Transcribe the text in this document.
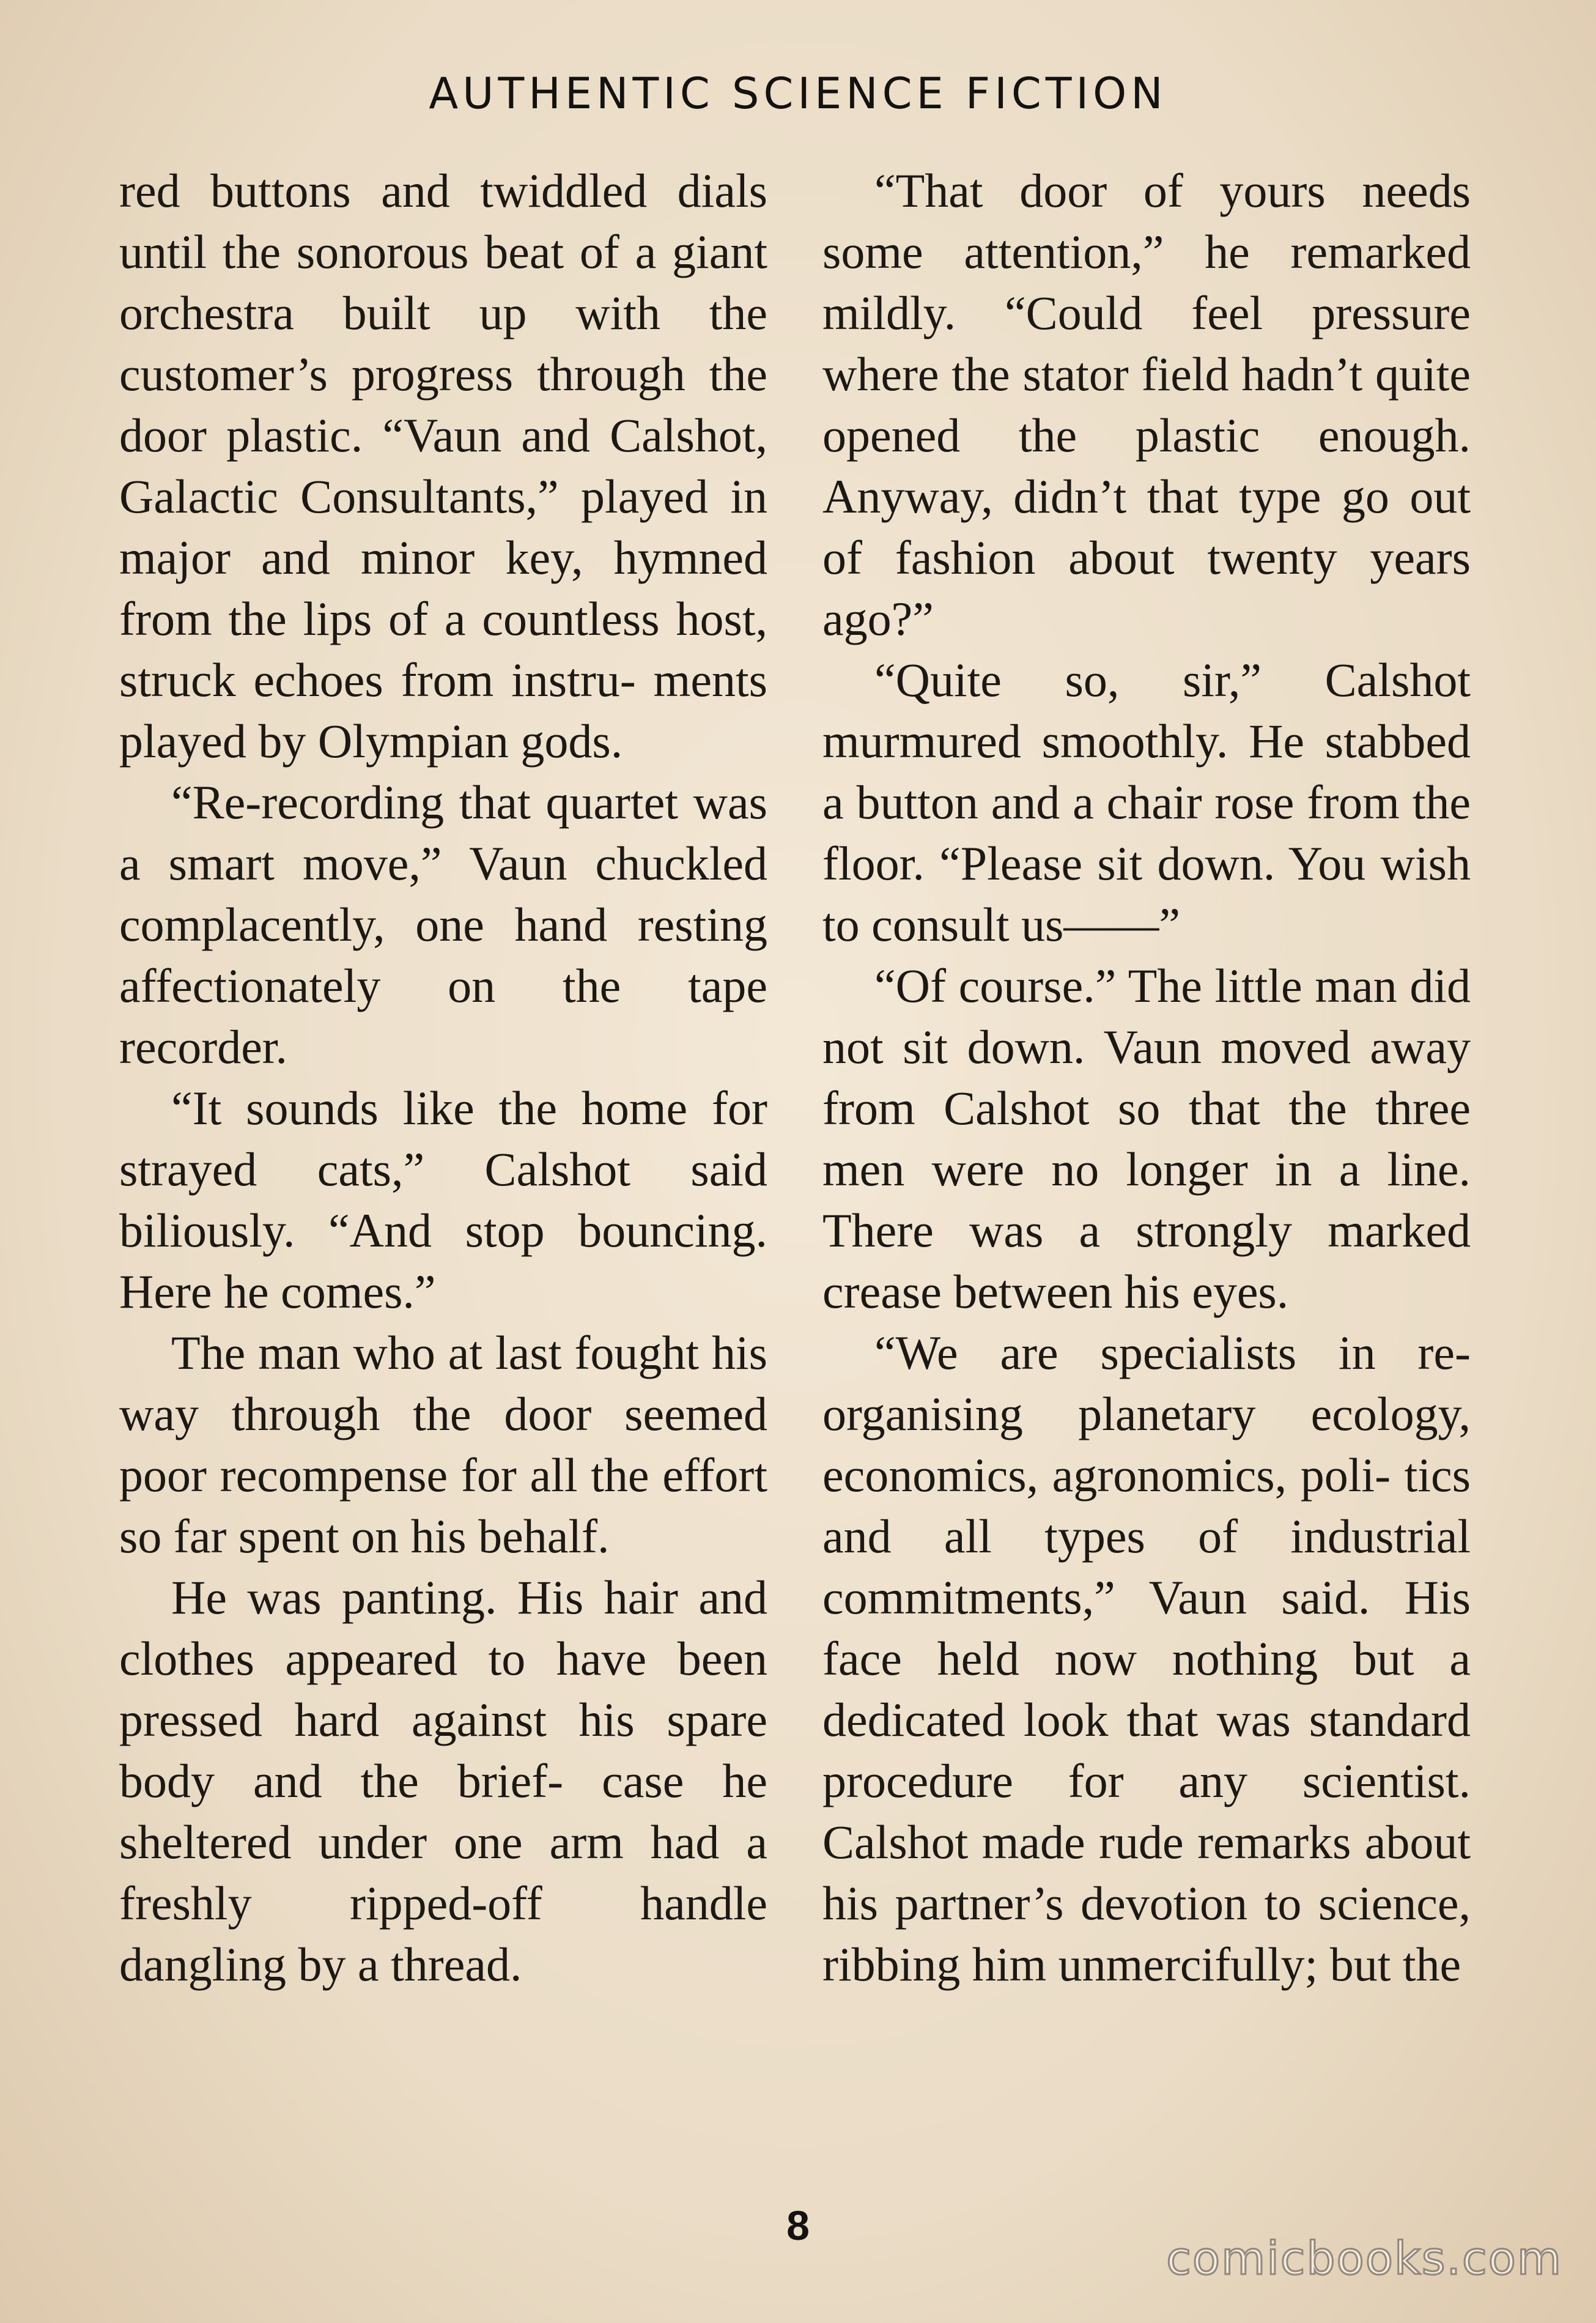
AUTHENTIC SCIENCE FICTION

red buttons and twiddled dials until the sonorous beat of a giant orchestra built up with the customer’s progress through the door plastic. “Vaun and Calshot, Galactic Consultants,” played in major and minor key, hymned from the lips of a countless host, struck echoes from instru- ments played by Olympian gods.

“Re-recording that quartet was a smart move,” Vaun chuckled complacently, one hand resting affectionately on the tape recorder.

“It sounds like the home for strayed cats,” Calshot said biliously. “And stop bouncing. Here he comes.”

The man who at last fought his way through the door seemed poor recompense for all the effort so far spent on his behalf.

He was panting. His hair and clothes appeared to have been pressed hard against his spare body and the brief- case he sheltered under one arm had a freshly ripped-off handle dangling by a thread.

“That door of yours needs some attention,” he remarked mildly. “Could feel pressure where the stator field hadn’t quite opened the plastic enough. Anyway, didn’t that type go out of fashion about twenty years ago?”

“Quite so, sir,” Calshot murmured smoothly. He stabbed a button and a chair rose from the floor. “Please sit down. You wish to consult us——”

“Of course.” The little man did not sit down. Vaun moved away from Calshot so that the three men were no longer in a line. There was a strongly marked crease between his eyes.

“We are specialists in re- organising planetary ecology, economics, agronomics, poli- tics and all types of industrial commitments,” Vaun said. His face held now nothing but a dedicated look that was standard procedure for any scientist. Calshot made rude remarks about his partner’s devotion to science, ribbing him unmercifully; but the

8
comicbooks.com
